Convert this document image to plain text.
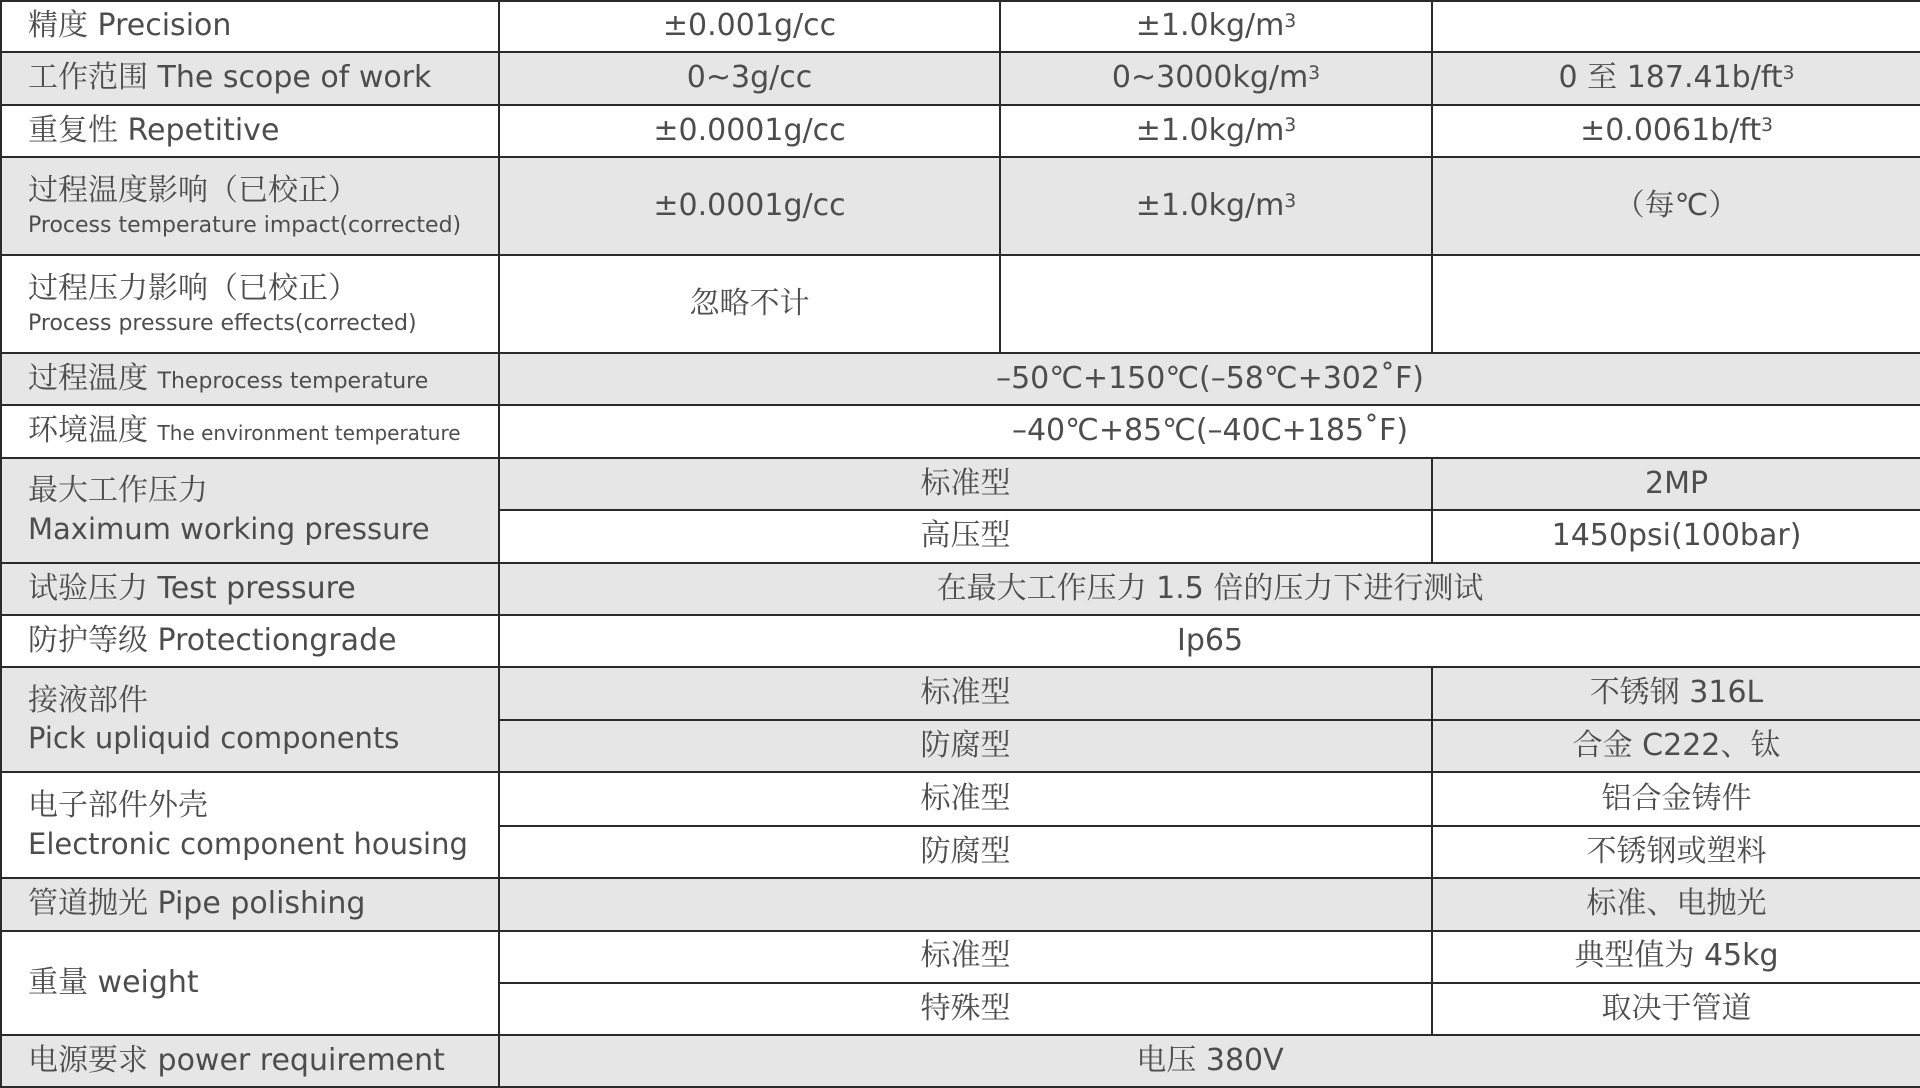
精度 Precision	±0.001g/cc	$\pm 1.0kg/m^3$	
工作范围 The scope of work	0~3g/cc	$0\sim 3000kg/m^3$	0 至 $187.41b/ft^3$
重复性 Repetitive	±0.0001g/cc	$\pm 1.0kg/m^3$	$\pm 0.0061b/ft^3$
过程温度影响（已校正）
Process temperature impact(corrected)	±0.0001g/cc	$\pm 1.0kg/m^3$	（每℃）
过程压力影响（已校正）
Process pressure effects(corrected)	忽略不计		
过程温度 Theprocess temperature	–50℃+150℃(–58℃+302˚F)		
环境温度 The environment temperature	–40℃+85℃(–40C+185˚F)		
最大工作压力
Maximum working pressure	标准型		2MP
	高压型		1450psi(100bar)
试验压力 Test pressure	在最大工作压力 1.5 倍的压力下进行测试		
防护等级 Protectiongrade	Ip65		
接液部件
Pick upliquid components	标准型		不锈钢 316L
	防腐型		合金 C222、钛
电子部件外壳
Electronic component housing	标准型		铝合金铸件
	防腐型		不锈钢或塑料
管道抛光 Pipe polishing			标准、电抛光
重量 weight	标准型		典型值为 45kg
	特殊型		取决于管道
电源要求 power requirement	电压 380V		
